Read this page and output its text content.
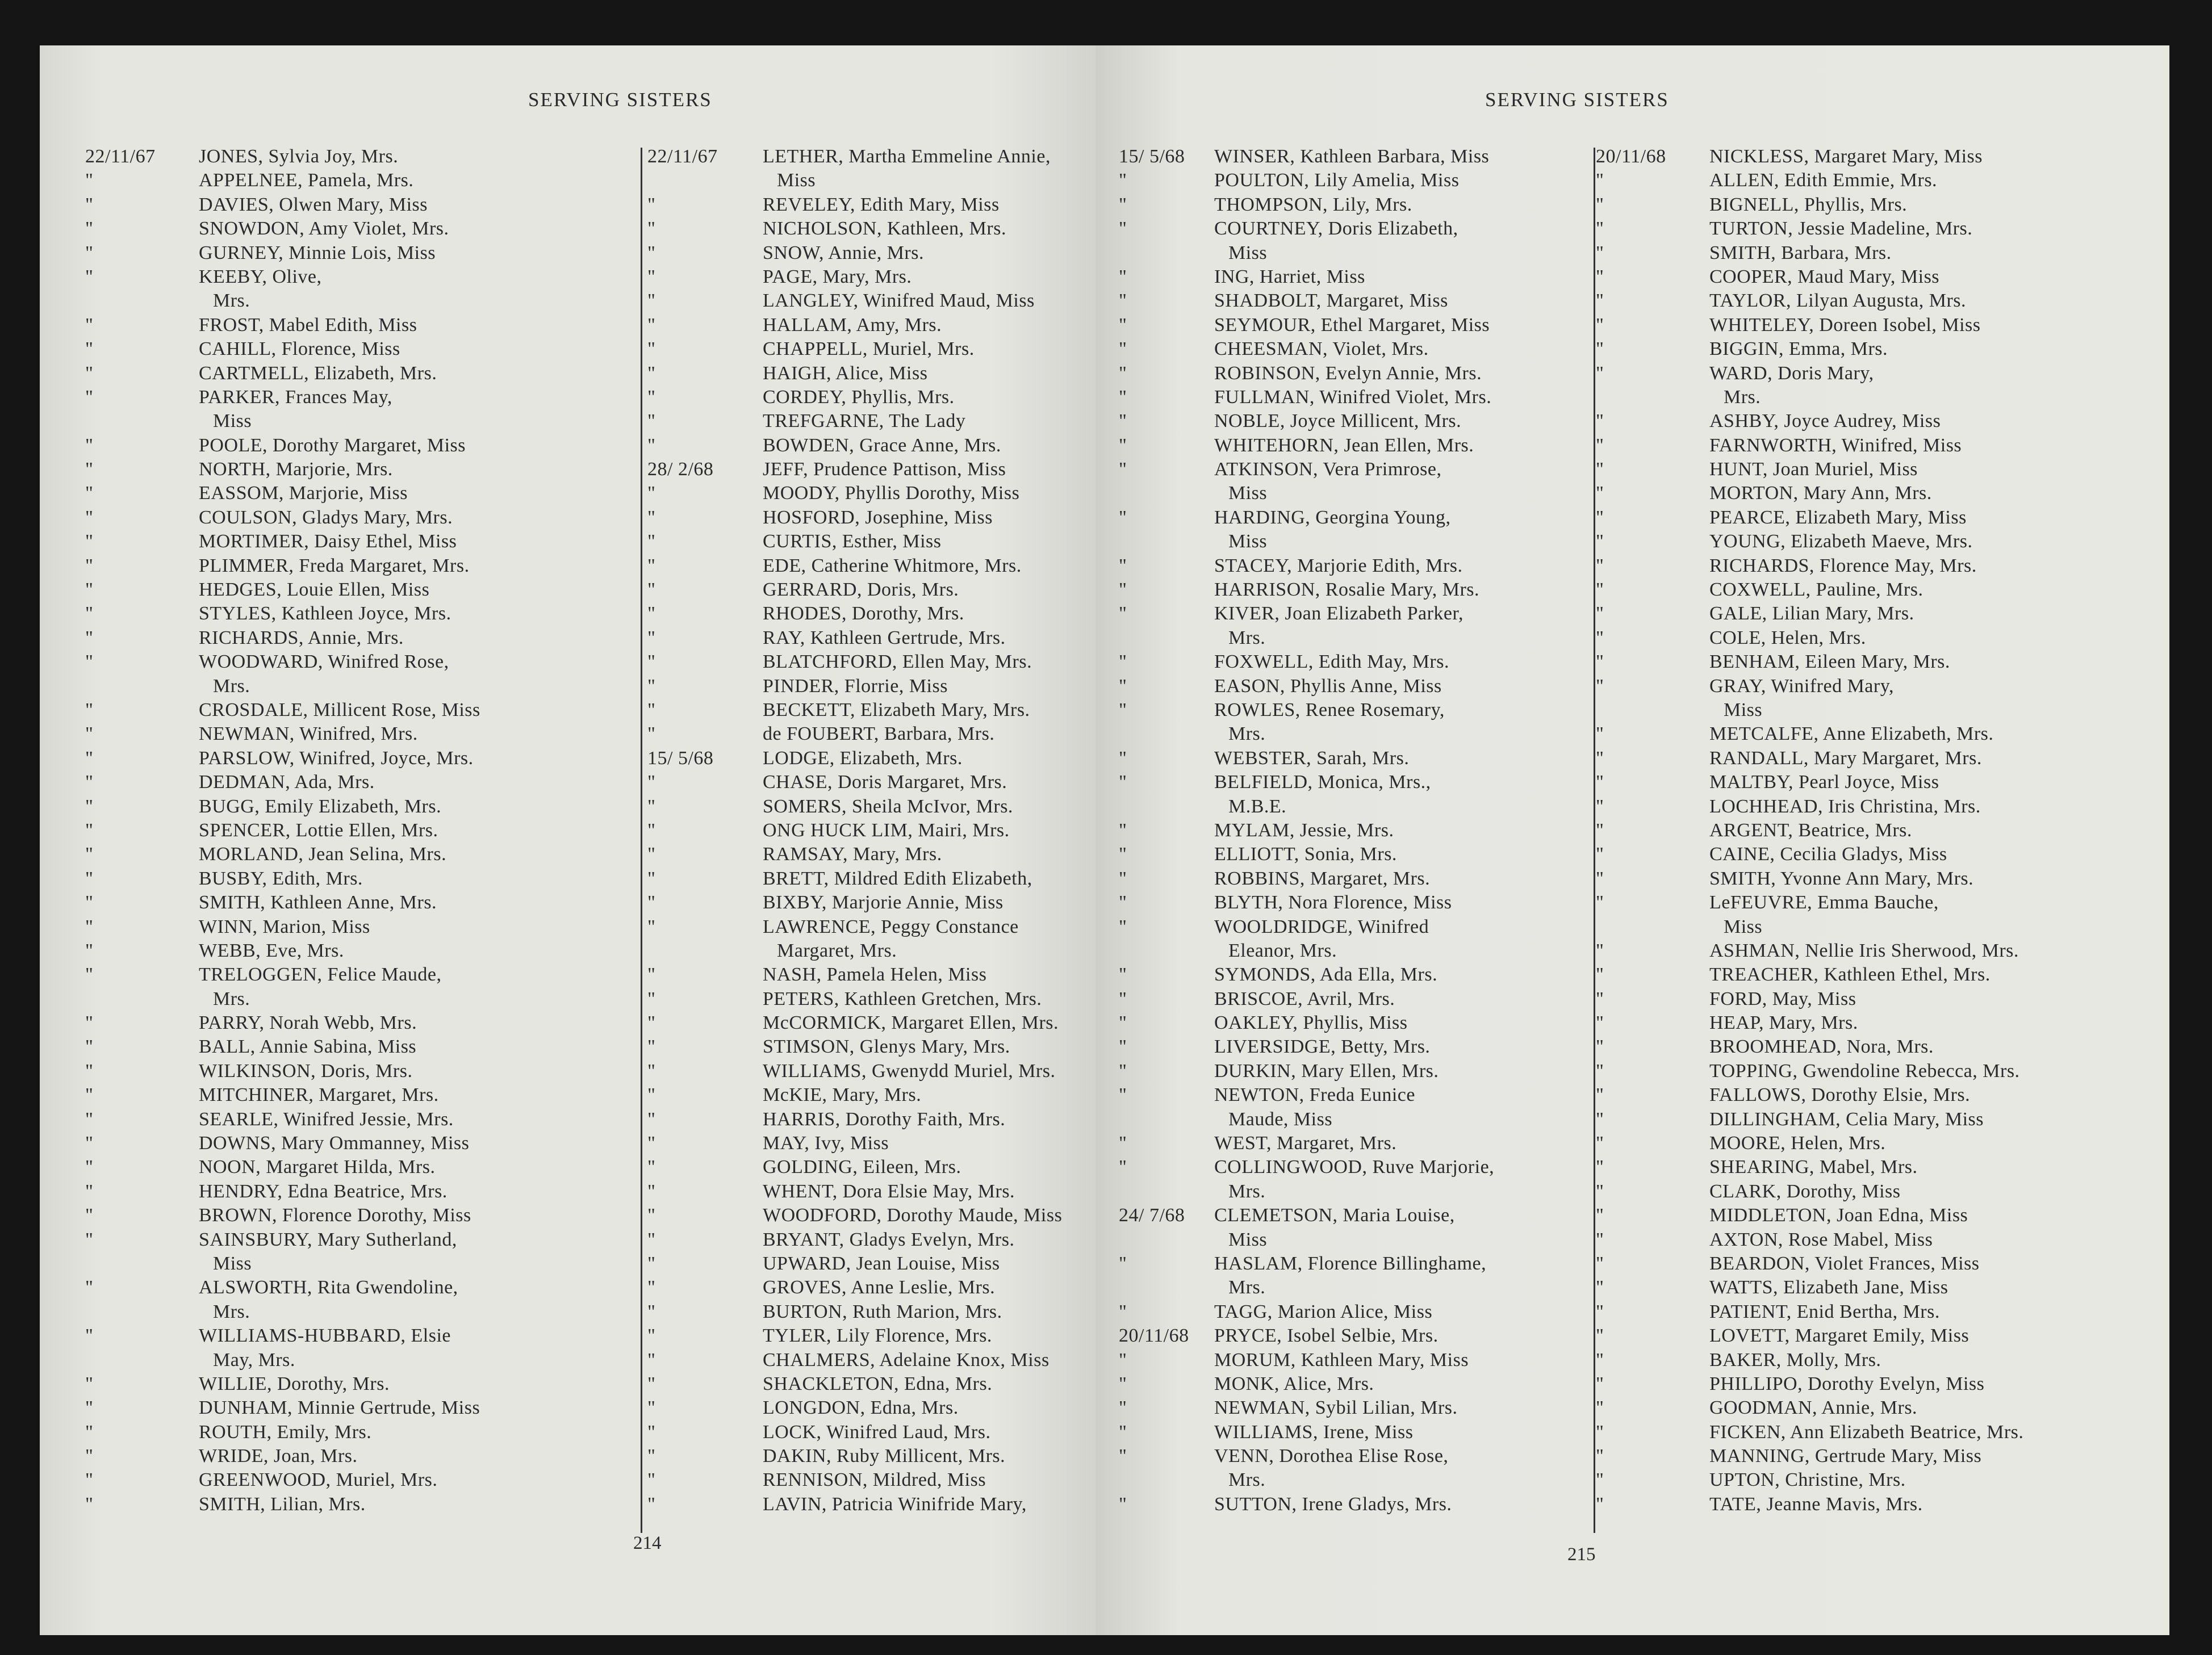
SERVING SISTERS
22/11/67 JONES, Sylvia Joy, Mrs.
"	APPELNEE, Pamela, Mrs.
"	DAVIES, Olwen Mary, Miss
"	SNOWDON, Amy Violet, Mrs.
"	GURNEY, Minnie Lois, Miss
"	KEEBY, Olive,
Mrs.
"	FROST, Mabel Edith, Miss
"	CAHILL, Florence, Miss
"	CARTMELL, Elizabeth, Mrs.
"	PARKER, Frances May,
Miss
"	POOLE, Dorothy Margaret, Miss
"	NORTH, Marjorie, Mrs.
"	EASSOM, Marjorie, Miss
"	COULSON, Gladys Mary, Mrs.
"	MORTIMER, Daisy Ethel, Miss
"	PLIMMER, Freda Margaret, Mrs.
"	HEDGES, Louie Ellen, Miss
"	STYLES, Kathleen Joyce, Mrs.
"	RICHARDS, Annie, Mrs.
"	WOODWARD, Winifred Rose,
Mrs.
"	CROSDALE, Millicent Rose, Miss
"	NEWMAN, Winifred, Mrs.
"	PARSLOW, Winifred, Joyce, Mrs.
"	DEDMAN, Ada, Mrs.
"	BUGG, Emily Elizabeth, Mrs.
"	SPENCER, Lottie Ellen, Mrs.
"	MORLAND, Jean Selina, Mrs.
"	BUSBY, Edith, Mrs.
"	SMITH, Kathleen Anne, Mrs.
"	WINN, Marion, Miss
"	WEBB, Eve, Mrs.
"	TRELOGGEN, Felice Maude,
Mrs.
"	PARRY, Norah Webb, Mrs.
"	BALL, Annie Sabina, Miss
"	WILKINSON, Doris, Mrs.
"	MITCHINER, Margaret, Mrs.
"	SEARLE, Winifred Jessie, Mrs.
"	DOWNS, Mary Ommanney, Miss
"	NOON, Margaret Hilda, Mrs.
"	HENDRY, Edna Beatrice, Mrs.
"	BROWN, Florence Dorothy, Miss
"	SAINSBURY, Mary Sutherland,
Miss
"	ALSWORTH, Rita Gwendoline,
Mrs.
"	WILLIAMS-HUBBARD, Elsie
May, Mrs.
"	WILLIE, Dorothy, Mrs.
"	DUNHAM, Minnie Gertrude, Miss
"	ROUTH, Emily, Mrs.
"	WRIDE, Joan, Mrs.
"	GREENWOOD, Muriel, Mrs.
"	SMITH, Lilian, Mrs.
22/11/67 LETHER, Martha Emmeline Annie,
Miss
"	REVELEY, Edith Mary, Miss
"	NICHOLSON, Kathleen, Mrs.
"	SNOW, Annie, Mrs.
"	PAGE, Mary, Mrs.
"	LANGLEY, Winifred Maud, Miss
"	HALLAM, Amy, Mrs.
"	CHAPPELL, Muriel, Mrs.
"	HAIGH, Alice, Miss
"	CORDEY, Phyllis, Mrs.
"	TREFGARNE, The Lady
"	BOWDEN, Grace Anne, Mrs.
28/ 2/68	JEFF, Prudence Pattison, Miss
"	MOODY, Phyllis Dorothy, Miss
"	HOSFORD, Josephine, Miss
"	CURTIS, Esther, Miss
"	EDE, Catherine Whitmore, Mrs.
"	GERRARD, Doris, Mrs.
"	RHODES, Dorothy, Mrs.
"	RAY, Kathleen Gertrude, Mrs.
"	BLATCHFORD, Ellen May, Mrs.
"	PINDER, Florrie, Miss
"	BECKETT, Elizabeth Mary, Mrs.
"	de FOUBERT, Barbara, Mrs.
15/ 5/68	LODGE, Elizabeth, Mrs.
"	CHASE, Doris Margaret, Mrs.
"	SOMERS, Sheila McIvor, Mrs.
"	ONG HUCK LIM, Mairi, Mrs.
"	RAMSAY, Mary, Mrs.
"	BRETT, Mildred Edith Elizabeth,
"	BIXBY, Marjorie Annie, Miss
"	LAWRENCE, Peggy Constance
Margaret, Mrs.
"	NASH, Pamela Helen, Miss
"	PETERS, Kathleen Gretchen, Mrs.
"	McCORMICK, Margaret Ellen, Mrs.
"	STIMSON, Glenys Mary, Mrs.
"	WILLIAMS, Gwenydd Muriel, Mrs.
"	McKIE, Mary, Mrs.
"	HARRIS, Dorothy Faith, Mrs.
"	MAY, Ivy, Miss
"	GOLDING, Eileen, Mrs.
"	WHENT, Dora Elsie May, Mrs.
"	WOODFORD, Dorothy Maude, Miss
"	BRYANT, Gladys Evelyn, Mrs.
"	UPWARD, Jean Louise, Miss
"	GROVES, Anne Leslie, Mrs.
"	BURTON, Ruth Marion, Mrs.
"	TYLER, Lily Florence, Mrs.
"	CHALMERS, Adelaine Knox, Miss
"	SHACKLETON, Edna, Mrs.
"	LONGDON, Edna, Mrs.
"	LOCK, Winifred Laud, Mrs.
"	DAKIN, Ruby Millicent, Mrs.
"	RENNISON, Mildred, Miss
"	LAVIN, Patricia Winifride Mary,
214
SERVING SISTERS
15/ 5/68 WINSER, Kathleen Barbara, Miss
"	POULTON, Lily Amelia, Miss
"	THOMPSON, Lily, Mrs.
"	COURTNEY, Doris Elizabeth,
Miss
"	ING, Harriet, Miss
"	SHADBOLT, Margaret, Miss
"	SEYMOUR, Ethel Margaret, Miss
"	CHEESMAN, Violet, Mrs.
"	ROBINSON, Evelyn Annie, Mrs.
"	FULLMAN, Winifred Violet, Mrs.
"	NOBLE, Joyce Millicent, Mrs.
"	WHITEHORN, Jean Ellen, Mrs.
"	ATKINSON, Vera Primrose,
Miss
"	HARDING, Georgina Young,
Miss
"	STACEY, Marjorie Edith, Mrs.
"	HARRISON, Rosalie Mary, Mrs.
"	KIVER, Joan Elizabeth Parker,
Mrs.
"	FOXWELL, Edith May, Mrs.
"	EASON, Phyllis Anne, Miss
"	ROWLES, Renee Rosemary,
Mrs.
"	WEBSTER, Sarah, Mrs.
"	BELFIELD, Monica, Mrs.,
M.B.E.
"	MYLAM, Jessie, Mrs.
"	ELLIOTT, Sonia, Mrs.
"	ROBBINS, Margaret, Mrs.
"	BLYTH, Nora Florence, Miss
"	WOOLDRIDGE, Winifred
Eleanor, Mrs.
"	SYMONDS, Ada Ella, Mrs.
"	BRISCOE, Avril, Mrs.
"	OAKLEY, Phyllis, Miss
"	LIVERSIDGE, Betty, Mrs.
"	DURKIN, Mary Ellen, Mrs.
"	NEWTON, Freda Eunice
Maude, Miss
"	WEST, Margaret, Mrs.
"	COLLINGWOOD, Ruve Marjorie,
Mrs.
24/ 7/68 CLEMETSON, Maria Louise,
Miss
"	HASLAM, Florence Billinghame,
Mrs.
"	TAGG, Marion Alice, Miss
20/11/68 PRYCE, Isobel Selbie, Mrs.
"	MORUM, Kathleen Mary, Miss
"	MONK, Alice, Mrs.
"	NEWMAN, Sybil Lilian, Mrs.
"	WILLIAMS, Irene, Miss
"	VENN, Dorothea Elise Rose,
Mrs.
"	SUTTON, Irene Gladys, Mrs.
20/11/68 NICKLESS, Margaret Mary, Miss
"	ALLEN, Edith Emmie, Mrs.
"	BIGNELL, Phyllis, Mrs.
"	TURTON, Jessie Madeline, Mrs.
"	SMITH, Barbara, Mrs.
"	COOPER, Maud Mary, Miss
"	TAYLOR, Lilyan Augusta, Mrs.
"	WHITELEY, Doreen Isobel, Miss
"	BIGGIN, Emma, Mrs.
"	WARD, Doris Mary,
Mrs.
"	ASHBY, Joyce Audrey, Miss
"	FARNWORTH, Winifred, Miss
"	HUNT, Joan Muriel, Miss
"	MORTON, Mary Ann, Mrs.
"	PEARCE, Elizabeth Mary, Miss
"	YOUNG, Elizabeth Maeve, Mrs.
"	RICHARDS, Florence May, Mrs.
"	COXWELL, Pauline, Mrs.
"	GALE, Lilian Mary, Mrs.
"	COLE, Helen, Mrs.
"	BENHAM, Eileen Mary, Mrs.
"	GRAY, Winifred Mary,
Miss
"	METCALFE, Anne Elizabeth, Mrs.
"	RANDALL, Mary Margaret, Mrs.
"	MALTBY, Pearl Joyce, Miss
"	LOCHHEAD, Iris Christina, Mrs.
"	ARGENT, Beatrice, Mrs.
"	CAINE, Cecilia Gladys, Miss
"	SMITH, Yvonne Ann Mary, Mrs.
"	LeFEUVRE, Emma Bauche,
Miss
"	ASHMAN, Nellie Iris Sherwood, Mrs.
"	TREACHER, Kathleen Ethel, Mrs.
"	FORD, May, Miss
"	HEAP, Mary, Mrs.
"	BROOMHEAD, Nora, Mrs.
"	TOPPING, Gwendoline Rebecca, Mrs.
"	FALLOWS, Dorothy Elsie, Mrs.
"	DILLINGHAM, Celia Mary, Miss
"	MOORE, Helen, Mrs.
"	SHEARING, Mabel, Mrs.
"	CLARK, Dorothy, Miss
"	MIDDLETON, Joan Edna, Miss
"	AXTON, Rose Mabel, Miss
"	BEARDON, Violet Frances, Miss
"	WATTS, Elizabeth Jane, Miss
"	PATIENT, Enid Bertha, Mrs.
"	LOVETT, Margaret Emily, Miss
"	BAKER, Molly, Mrs.
"	PHILLIPO, Dorothy Evelyn, Miss
"	GOODMAN, Annie, Mrs.
"	FICKEN, Ann Elizabeth Beatrice, Mrs.
"	MANNING, Gertrude Mary, Miss
"	UPTON, Christine, Mrs.
"	TATE, Jeanne Mavis, Mrs.
215
